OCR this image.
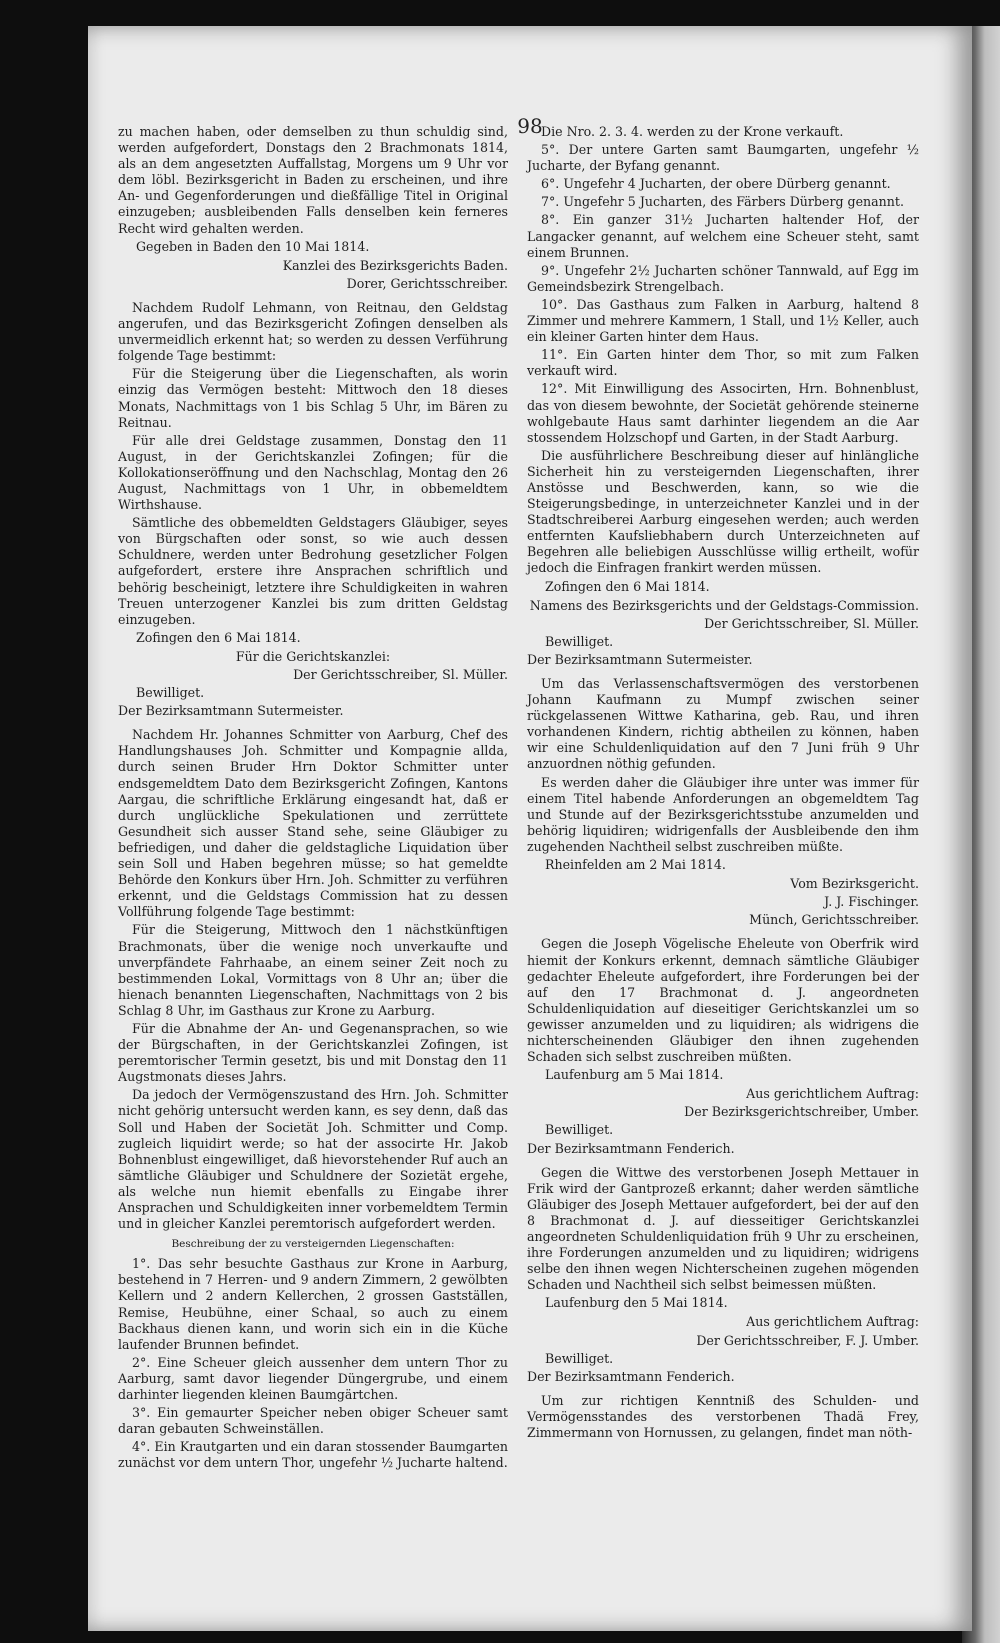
98

zu machen haben, oder demselben zu thun schuldig sind, werden aufgefordert, Donstags den 2 Brachmonats 1814, als an dem angesetzten Auffallstag, Morgens um 9 Uhr vor dem löbl. Bezirksgericht in Baden zu erscheinen, und ihre An- und Gegenforderungen und dießfällige Titel in Original einzugeben; ausbleibenden Falls denselben kein ferneres Recht wird gehalten werden.

Gegeben in Baden den 10 Mai 1814.

Kanzlei des Bezirksgerichts Baden.

Dorer, Gerichtsschreiber.

Nachdem Rudolf Lehmann, von Reitnau, den Geldstag angerufen, und das Bezirksgericht Zofingen denselben als unvermeidlich erkennt hat; so werden zu dessen Verführung folgende Tage bestimmt:

Für die Steigerung über die Liegenschaften, als worin einzig das Vermögen besteht: Mittwoch den 18 dieses Monats, Nachmittags von 1 bis Schlag 5 Uhr, im Bären zu Reitnau.

Für alle drei Geldstage zusammen, Donstag den 11 August, in der Gerichtskanzlei Zofingen; für die Kollokationseröffnung und den Nachschlag, Montag den 26 August, Nachmittags von 1 Uhr, in obbemeldtem Wirthshause.

Sämtliche des obbemeldten Geldstagers Gläubiger, seyes von Bürgschaften oder sonst, so wie auch dessen Schuldnere, werden unter Bedrohung gesetzlicher Folgen aufgefordert, erstere ihre Ansprachen schriftlich und behörig bescheinigt, letztere ihre Schuldigkeiten in wahren Treuen unterzogener Kanzlei bis zum dritten Geldstag einzugeben.

Zofingen den 6 Mai 1814.

Für die Gerichtskanzlei:

Der Gerichtsschreiber, Sl. Müller.

Bewilliget.

Der Bezirksamtmann Sutermeister.

Nachdem Hr. Johannes Schmitter von Aarburg, Chef des Handlungshauses Joh. Schmitter und Kompagnie allda, durch seinen Bruder Hrn Doktor Schmitter unter endsgemeldtem Dato dem Bezirksgericht Zofingen, Kantons Aargau, die schriftliche Erklärung eingesandt hat, daß er durch unglückliche Spekulationen und zerrüttete Gesundheit sich ausser Stand sehe, seine Gläubiger zu befriedigen, und daher die geldstagliche Liquidation über sein Soll und Haben begehren müsse; so hat gemeldte Behörde den Konkurs über Hrn. Joh. Schmitter zu verführen erkennt, und die Geldstags Commission hat zu dessen Vollführung folgende Tage bestimmt:

Für die Steigerung, Mittwoch den 1 nächstkünftigen Brachmonats, über die wenige noch unverkaufte und unverpfändete Fahrhaabe, an einem seiner Zeit noch zu bestimmenden Lokal, Vormittags von 8 Uhr an; über die hienach benannten Liegenschaften, Nachmittags von 2 bis Schlag 8 Uhr, im Gasthaus zur Krone zu Aarburg.

Für die Abnahme der An- und Gegenansprachen, so wie der Bürgschaften, in der Gerichtskanzlei Zofingen, ist peremtorischer Termin gesetzt, bis und mit Donstag den 11 Augstmonats dieses Jahrs.

Da jedoch der Vermögenszustand des Hrn. Joh. Schmitter nicht gehörig untersucht werden kann, es sey denn, daß das Soll und Haben der Societät Joh. Schmitter und Comp. zugleich liquidirt werde; so hat der associrte Hr. Jakob Bohnenblust eingewilliget, daß hievorstehender Ruf auch an sämtliche Gläubiger und Schuldnere der Sozietät ergehe, als welche nun hiemit ebenfalls zu Eingabe ihrer Ansprachen und Schuldigkeiten inner vorbemeldtem Termin und in gleicher Kanzlei peremtorisch aufgefordert werden.

Beschreibung der zu versteigernden Liegenschaften:

1°. Das sehr besuchte Gasthaus zur Krone in Aarburg, bestehend in 7 Herren- und 9 andern Zimmern, 2 gewölbten Kellern und 2 andern Kellerchen, 2 grossen Gastställen, Remise, Heubühne, einer Schaal, so auch zu einem Backhaus dienen kann, und worin sich ein in die Küche laufender Brunnen befindet.

2°. Eine Scheuer gleich aussenher dem untern Thor zu Aarburg, samt davor liegender Düngergrube, und einem darhinter liegenden kleinen Baumgärtchen.

3°. Ein gemaurter Speicher neben obiger Scheuer samt daran gebauten Schweinställen.

4°. Ein Krautgarten und ein daran stossender Baumgarten zunächst vor dem untern Thor, ungefehr ½ Jucharte haltend.

Die Nro. 2. 3. 4. werden zu der Krone verkauft.

5°. Der untere Garten samt Baumgarten, ungefehr ½ Jucharte, der Byfang genannt.

6°. Ungefehr 4 Jucharten, der obere Dürberg genannt.

7°. Ungefehr 5 Jucharten, des Färbers Dürberg genannt.

8°. Ein ganzer 31½ Jucharten haltender Hof, der Langacker genannt, auf welchem eine Scheuer steht, samt einem Brunnen.

9°. Ungefehr 2½ Jucharten schöner Tannwald, auf Egg im Gemeindsbezirk Strengelbach.

10°. Das Gasthaus zum Falken in Aarburg, haltend 8 Zimmer und mehrere Kammern, 1 Stall, und 1½ Keller, auch ein kleiner Garten hinter dem Haus.

11°. Ein Garten hinter dem Thor, so mit zum Falken verkauft wird.

12°. Mit Einwilligung des Associrten, Hrn. Bohnenblust, das von diesem bewohnte, der Societät gehörende steinerne wohlgebaute Haus samt darhinter liegendem an die Aar stossendem Holzschopf und Garten, in der Stadt Aarburg.

Die ausführlichere Beschreibung dieser auf hinlängliche Sicherheit hin zu versteigernden Liegenschaften, ihrer Anstösse und Beschwerden, kann, so wie die Steigerungsbedinge, in unterzeichneter Kanzlei und in der Stadtschreiberei Aarburg eingesehen werden; auch werden entfernten Kaufsliebhabern durch Unterzeichneten auf Begehren alle beliebigen Ausschlüsse willig ertheilt, wofür jedoch die Einfragen frankirt werden müssen.

Zofingen den 6 Mai 1814.

Namens des Bezirksgerichts und der Geldstags-Commission.

Der Gerichtsschreiber, Sl. Müller.

Bewilliget.

Der Bezirksamtmann Sutermeister.

Um das Verlassenschaftsvermögen des verstorbenen Johann Kaufmann zu Mumpf zwischen seiner rückgelassenen Wittwe Katharina, geb. Rau, und ihren vorhandenen Kindern, richtig abtheilen zu können, haben wir eine Schuldenliquidation auf den 7 Juni früh 9 Uhr anzuordnen nöthig gefunden.

Es werden daher die Gläubiger ihre unter was immer für einem Titel habende Anforderungen an obgemeldtem Tag und Stunde auf der Bezirksgerichtsstube anzumelden und behörig liquidiren; widrigenfalls der Ausbleibende den ihm zugehenden Nachtheil selbst zuschreiben müßte.

Rheinfelden am 2 Mai 1814.

Vom Bezirksgericht.

J. J. Fischinger.

Münch, Gerichtsschreiber.

Gegen die Joseph Vögelische Eheleute von Oberfrik wird hiemit der Konkurs erkennt, demnach sämtliche Gläubiger gedachter Eheleute aufgefordert, ihre Forderungen bei der auf den 17 Brachmonat d. J. angeordneten Schuldenliquidation auf dieseitiger Gerichtskanzlei um so gewisser anzumelden und zu liquidiren; als widrigens die nichterscheinenden Gläubiger den ihnen zugehenden Schaden sich selbst zuschreiben müßten.

Laufenburg am 5 Mai 1814.

Aus gerichtlichem Auftrag:

Der Bezirksgerichtschreiber, Umber.

Bewilliget.

Der Bezirksamtmann Fenderich.

Gegen die Wittwe des verstorbenen Joseph Mettauer in Frik wird der Gantprozeß erkannt; daher werden sämtliche Gläubiger des Joseph Mettauer aufgefordert, bei der auf den 8 Brachmonat d. J. auf diesseitiger Gerichtskanzlei angeordneten Schuldenliquidation früh 9 Uhr zu erscheinen, ihre Forderungen anzumelden und zu liquidiren; widrigens selbe den ihnen wegen Nichterscheinen zugehen mögenden Schaden und Nachtheil sich selbst beimessen müßten.

Laufenburg den 5 Mai 1814.

Aus gerichtlichem Auftrag:

Der Gerichtsschreiber, F. J. Umber.

Bewilliget.

Der Bezirksamtmann Fenderich.

Um zur richtigen Kenntniß des Schulden- und Vermögensstandes des verstorbenen Thadä Frey, Zimmermann von Hornussen, zu gelangen, findet man nöth-
